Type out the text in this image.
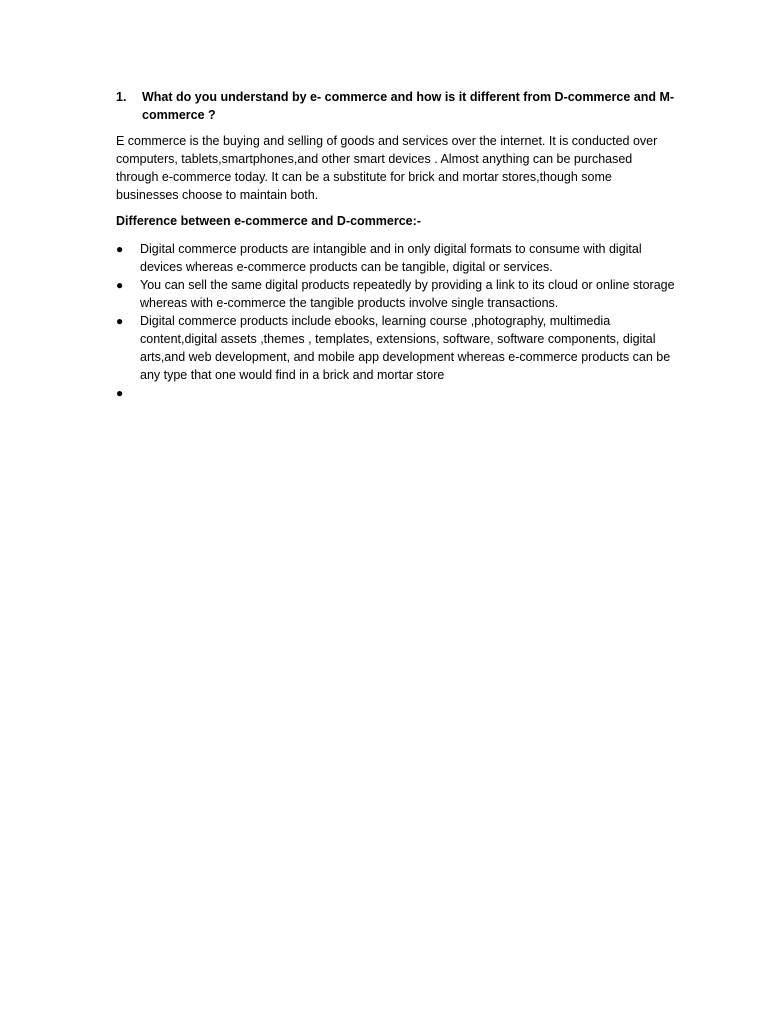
1.	What do you understand by e- commerce and how is it different from D-commerce and M-commerce ?

E commerce is the buying and selling of goods and services over the internet. It is conducted over computers, tablets,smartphones,and other smart devices . Almost anything can be purchased through e-commerce today. It can be a substitute for brick and mortar stores,though some businesses choose to maintain both.

Difference between e-commerce and D-commerce:-

●	Digital commerce products are intangible and in only digital formats to consume with digital devices whereas e-commerce products can be tangible, digital or services.
●	You can sell the same digital products repeatedly by providing a link to its cloud or online storage whereas with e-commerce the tangible products involve single transactions.
●	Digital commerce products include ebooks, learning course ,photography, multimedia content,digital assets ,themes , templates, extensions, software, software components, digital arts,and web development, and mobile app development whereas e-commerce products can be any type that one would find in a brick and mortar store
●
